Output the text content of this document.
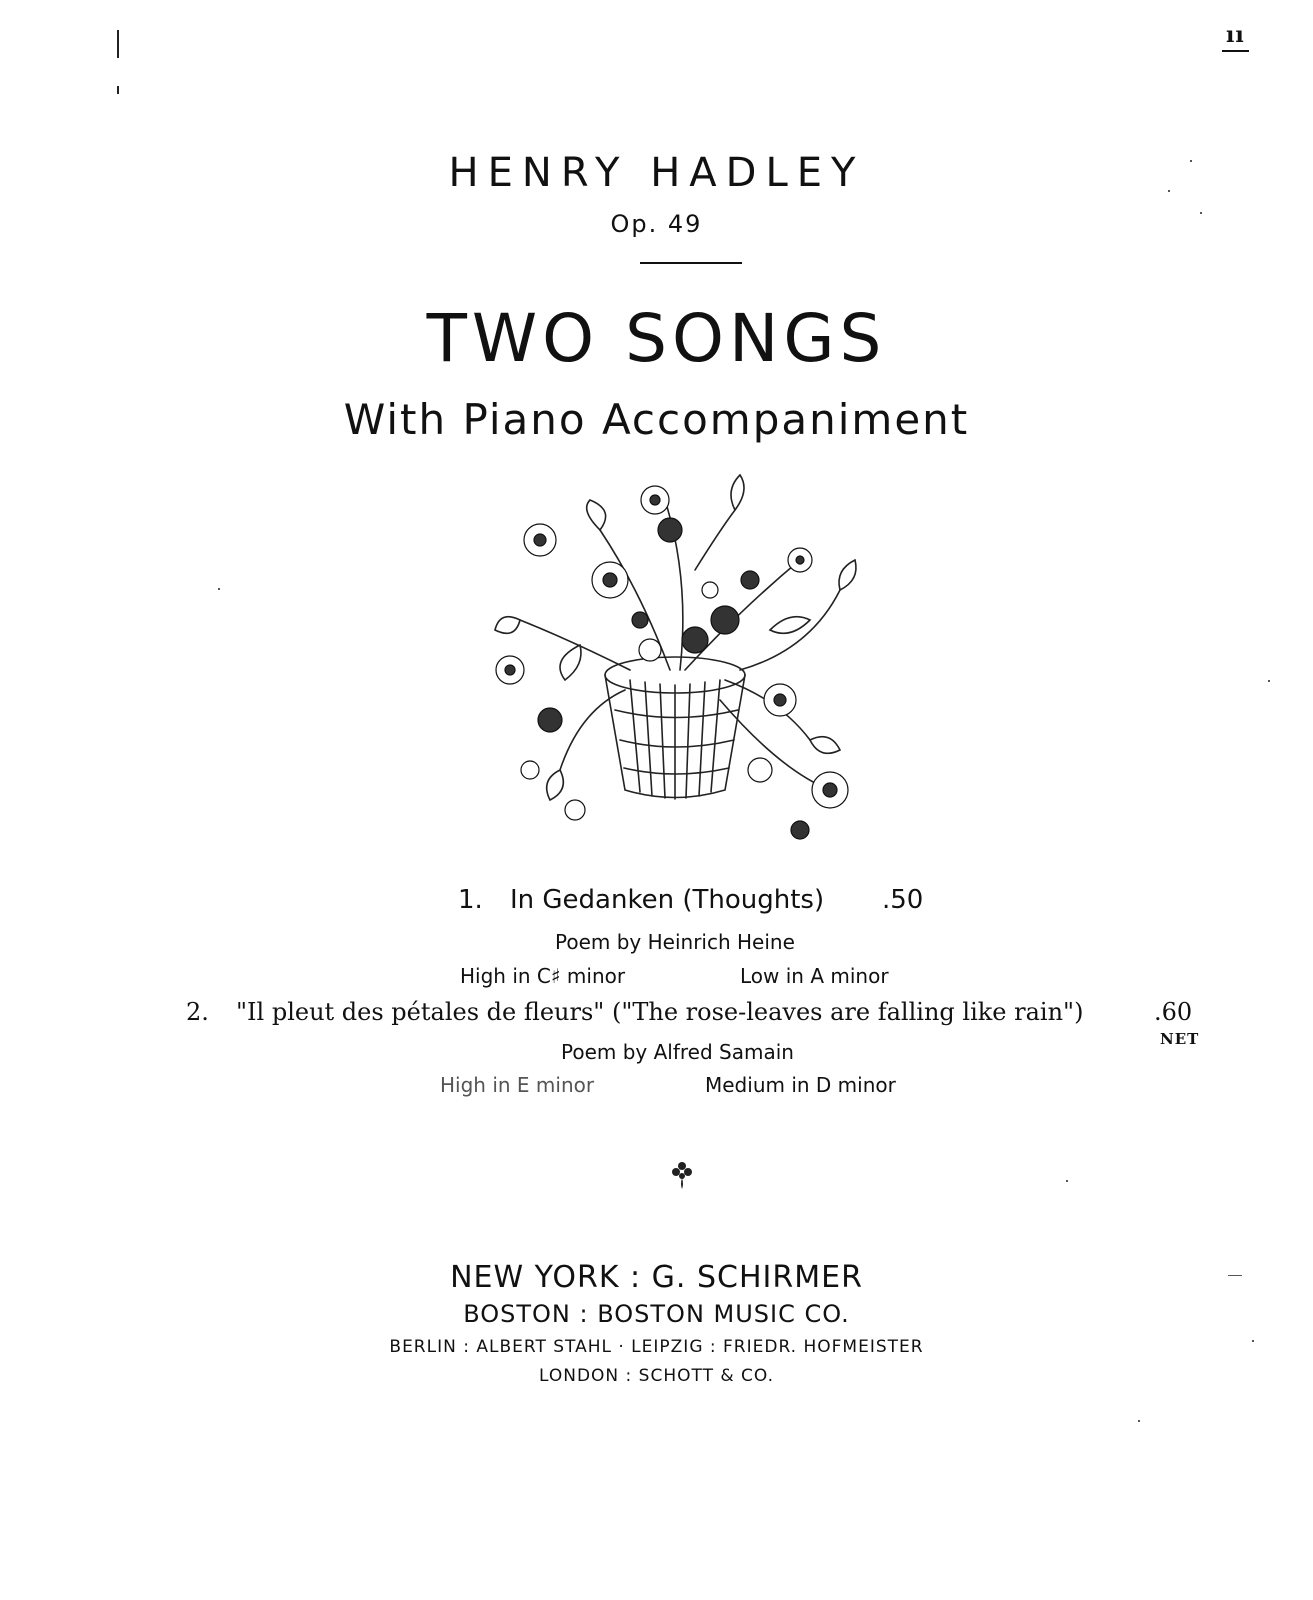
ıı
HENRY HADLEY
Op. 49
TWO SONGS
With Piano Accompaniment
1. In Gedanken (Thoughts) .50
Poem by Heinrich Heine
High in C♯ minor	Low in A minor
2. "Il pleut des pétales de fleurs" ("The rose-leaves are falling like rain")	.60
NET
Poem by Alfred Samain
High in E minor	Medium in D minor
NEW YORK : G. SCHIRMER
BOSTON : BOSTON MUSIC CO.
BERLIN : ALBERT STAHL · LEIPZIG : FRIEDR. HOFMEISTER
LONDON : SCHOTT & CO.
